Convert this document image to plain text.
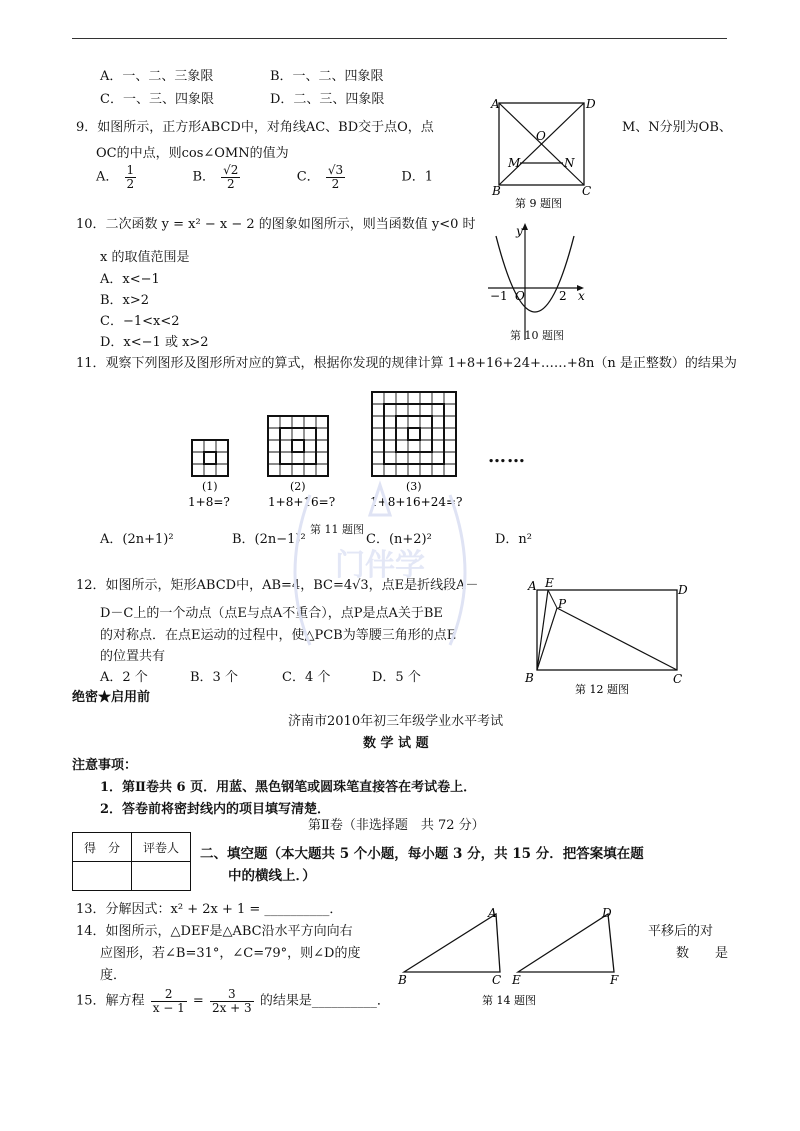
A．一、二、三象限	B．一、二、四象限
C．一、三、四象限	D．二、三、四象限
9．如图所示，正方形ABCD中，对角线AC、BD交于点O，点	M、N分别为OB、
OC的中点，则cos∠OMN的值为
A． $\frac{1}{2}$	B． $\frac{√2}{2}$	C． $\frac{√3}{2}$	D．1
A	D
O
M	N
B	C
第 9 题图
10．二次函数 y = x² − x − 2 的图象如图所示，则当函数值 y<0 时
x 的取值范围是
A．x<−1
B．x>2
C．−1<x<2
D．x<−1 或 x>2
y
−1 O	2 x
第 10 题图
11．观察下列图形及图形所对应的算式，根据你发现的规律计算 1+8+16+24+……+8n（n 是正整数）的结果为
(1)	(2)	(3)
1+8=?	1+8+16=?	1+8+16+24=?
……
A．(2n+1)²	B．(2n−1)²
第 11 题图
C．(n+2)²	D．n²
12．如图所示，矩形ABCD中，AB=4，BC=4√3，点E是折线段A－
D－C上的一个动点（点E与点A不重合），点P是点A关于BE
的对称点．在点E运动的过程中，使△PCB为等腰三角形的点E
的位置共有
A．2 个	B．3 个	C．4 个	D．5 个
A E	D
P
B	C
第 12 题图
门伴学
绝密★启用前
济南市2010年初三年级学业水平考试
数 学 试 题
注意事项：
1．第Ⅱ卷共 6 页．用蓝、黑色钢笔或圆珠笔直接答在考试卷上．
2．答卷前将密封线内的项目填写清楚．
第Ⅱ卷（非选择题　共 72 分）
得　分	评卷人
	二、填空题（本大题共 5 个小题，每小题 3 分，共 15 分．把答案填在题
中的横线上．）
13．分解因式：x² + 2x + 1 = __________．
14．如图所示，△DEF是△ABC沿水平方向向右	平移后的对
应图形，若∠B=31°，∠C=79°，则∠D的度	数　　是
度．
A
B	C
D
E	F
第 14 题图
15．解方程 $\frac{2}{x - 1} = \frac{3}{2x + 3}$ 的结果是__________．
